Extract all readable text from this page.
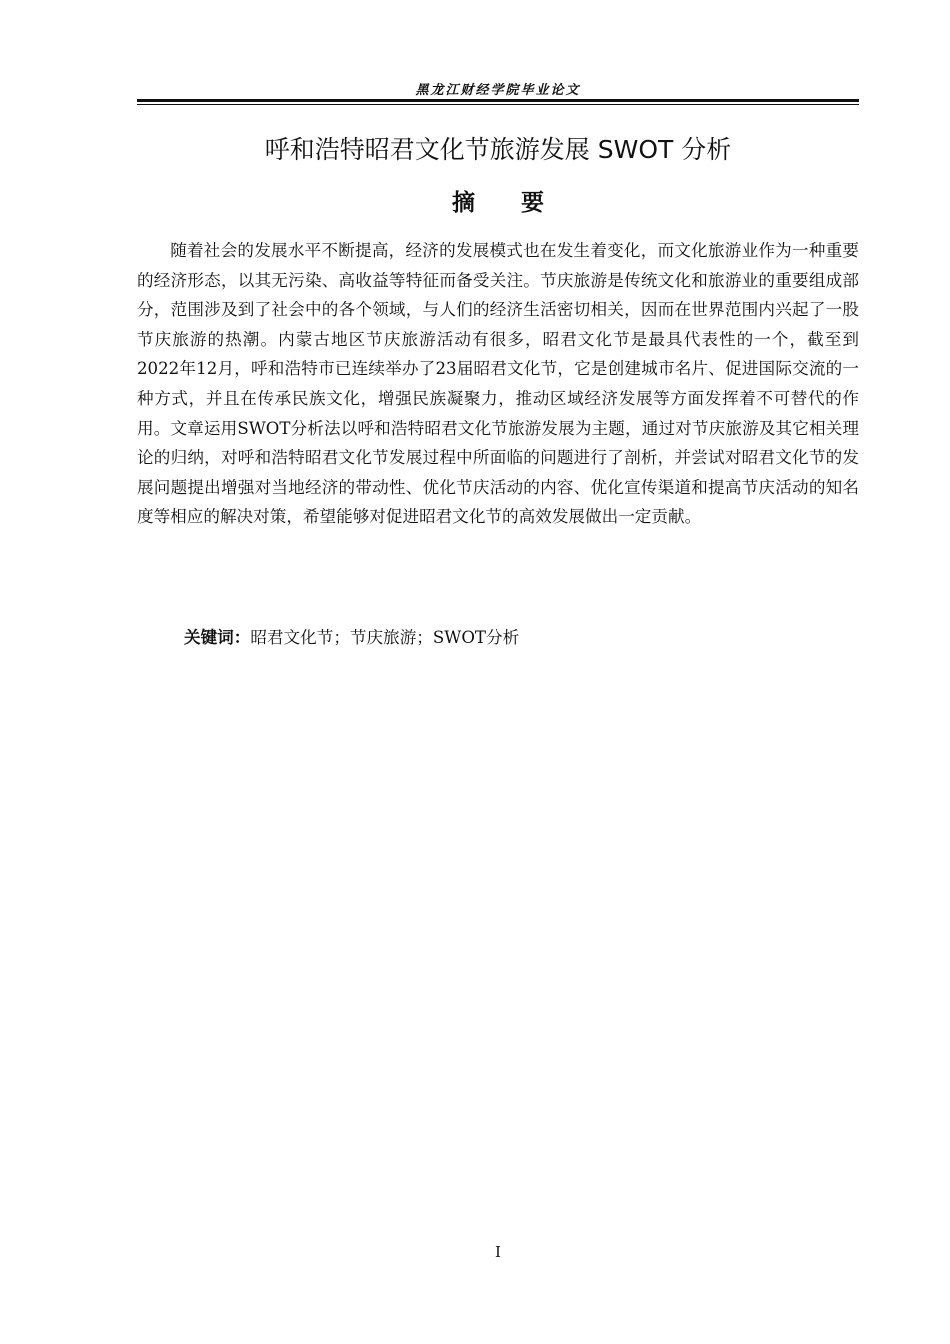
黑龙江财经学院毕业论文
呼和浩特昭君文化节旅游发展 SWOT 分析
摘要

随着社会的发展水平不断提高，经济的发展模式也在发生着变化，而文化旅游业作为一种重要的经济形态，以其无污染、高收益等特征而备受关注。节庆旅游是传统文化和旅游业的重要组成部分，范围涉及到了社会中的各个领域，与人们的经济生活密切相关，因而在世界范围内兴起了一股节庆旅游的热潮。内蒙古地区节庆旅游活动有很多，昭君文化节是最具代表性的一个，截至到2022年12月，呼和浩特市已连续举办了23届昭君文化节，它是创建城市名片、促进国际交流的一种方式，并且在传承民族文化，增强民族凝聚力，推动区域经济发展等方面发挥着不可替代的作用。文章运用SWOT分析法以呼和浩特昭君文化节旅游发展为主题，通过对节庆旅游及其它相关理论的归纳，对呼和浩特昭君文化节发展过程中所面临的问题进行了剖析，并尝试对昭君文化节的发展问题提出增强对当地经济的带动性、优化节庆活动的内容、优化宣传渠道和提高节庆活动的知名度等相应的解决对策，希望能够对促进昭君文化节的高效发展做出一定贡献。

关键词：昭君文化节；节庆旅游；SWOT分析
I
